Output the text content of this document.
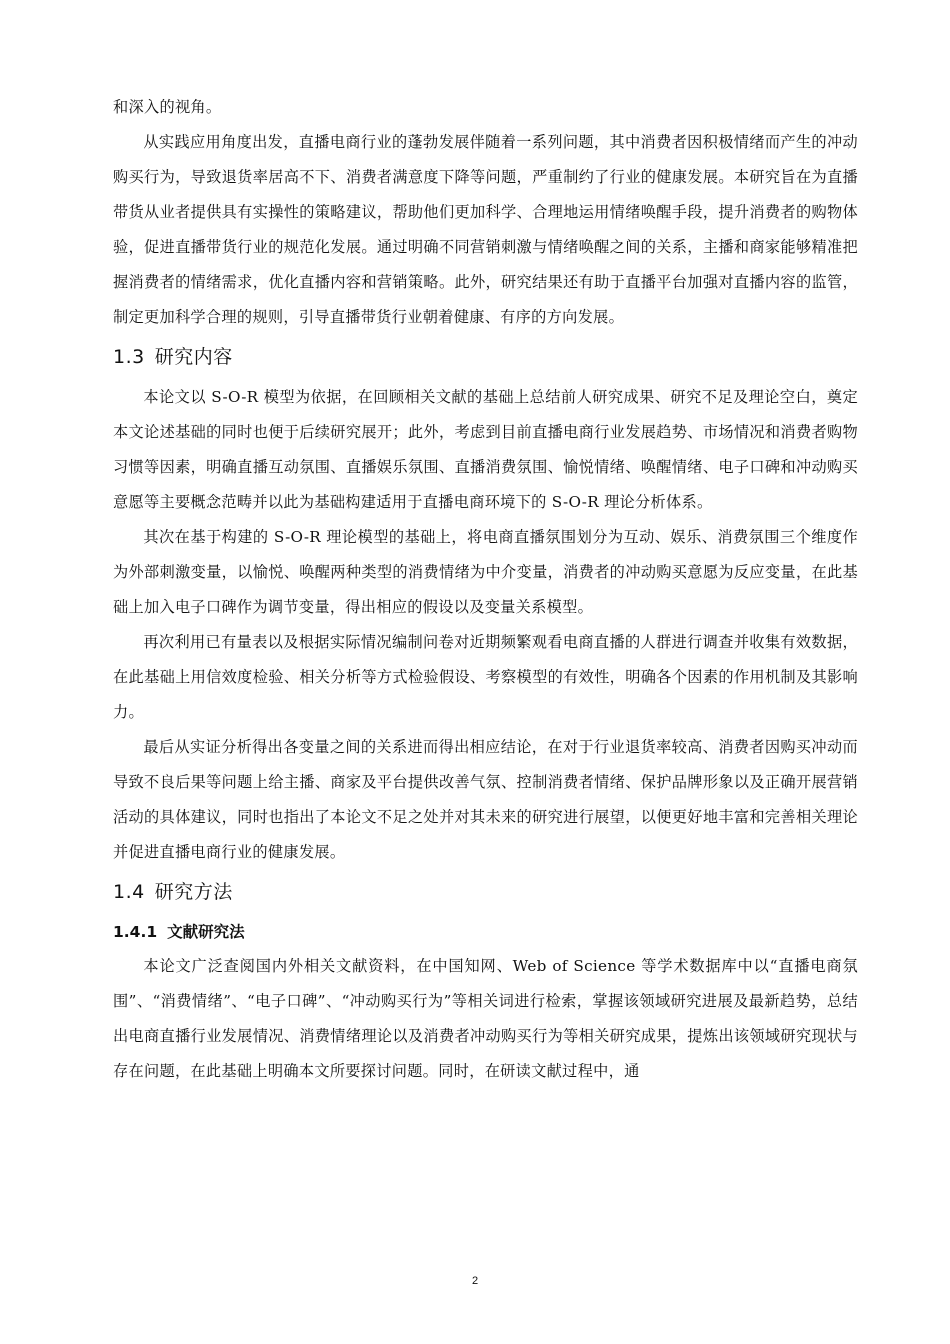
和深入的视角。

从实践应用角度出发，直播电商行业的蓬勃发展伴随着一系列问题，其中消费者因积极情绪而产生的冲动购买行为，导致退货率居高不下、消费者满意度下降等问题，严重制约了行业的健康发展。本研究旨在为直播带货从业者提供具有实操性的策略建议，帮助他们更加科学、合理地运用情绪唤醒手段，提升消费者的购物体验，促进直播带货行业的规范化发展。通过明确不同营销刺激与情绪唤醒之间的关系，主播和商家能够精准把握消费者的情绪需求，优化直播内容和营销策略。此外，研究结果还有助于直播平台加强对直播内容的监管，制定更加科学合理的规则，引导直播带货行业朝着健康、有序的方向发展。

1.3 研究内容

本论文以 S-O-R 模型为依据，在回顾相关文献的基础上总结前人研究成果、研究不足及理论空白，奠定本文论述基础的同时也便于后续研究展开；此外，考虑到目前直播电商行业发展趋势、市场情况和消费者购物习惯等因素，明确直播互动氛围、直播娱乐氛围、直播消费氛围、愉悦情绪、唤醒情绪、电子口碑和冲动购买意愿等主要概念范畴并以此为基础构建适用于直播电商环境下的 S-O-R 理论分析体系。

其次在基于构建的 S-O-R 理论模型的基础上，将电商直播氛围划分为互动、娱乐、消费氛围三个维度作为外部刺激变量，以愉悦、唤醒两种类型的消费情绪为中介变量，消费者的冲动购买意愿为反应变量，在此基础上加入电子口碑作为调节变量，得出相应的假设以及变量关系模型。

再次利用已有量表以及根据实际情况编制问卷对近期频繁观看电商直播的人群进行调查并收集有效数据，在此基础上用信效度检验、相关分析等方式检验假设、考察模型的有效性，明确各个因素的作用机制及其影响力。

最后从实证分析得出各变量之间的关系进而得出相应结论，在对于行业退货率较高、消费者因购买冲动而导致不良后果等问题上给主播、商家及平台提供改善气氛、控制消费者情绪、保护品牌形象以及正确开展营销活动的具体建议，同时也指出了本论文不足之处并对其未来的研究进行展望，以便更好地丰富和完善相关理论并促进直播电商行业的健康发展。

1.4 研究方法
1.4.1 文献研究法

本论文广泛查阅国内外相关文献资料，在中国知网、Web of Science 等学术数据库中以“直播电商氛围”、“消费情绪”、“电子口碑”、“冲动购买行为”等相关词进行检索，掌握该领域研究进展及最新趋势，总结出电商直播行业发展情况、消费情绪理论以及消费者冲动购买行为等相关研究成果，提炼出该领域研究现状与存在问题，在此基础上明确本文所要探讨问题。同时，在研读文献过程中，通

2
